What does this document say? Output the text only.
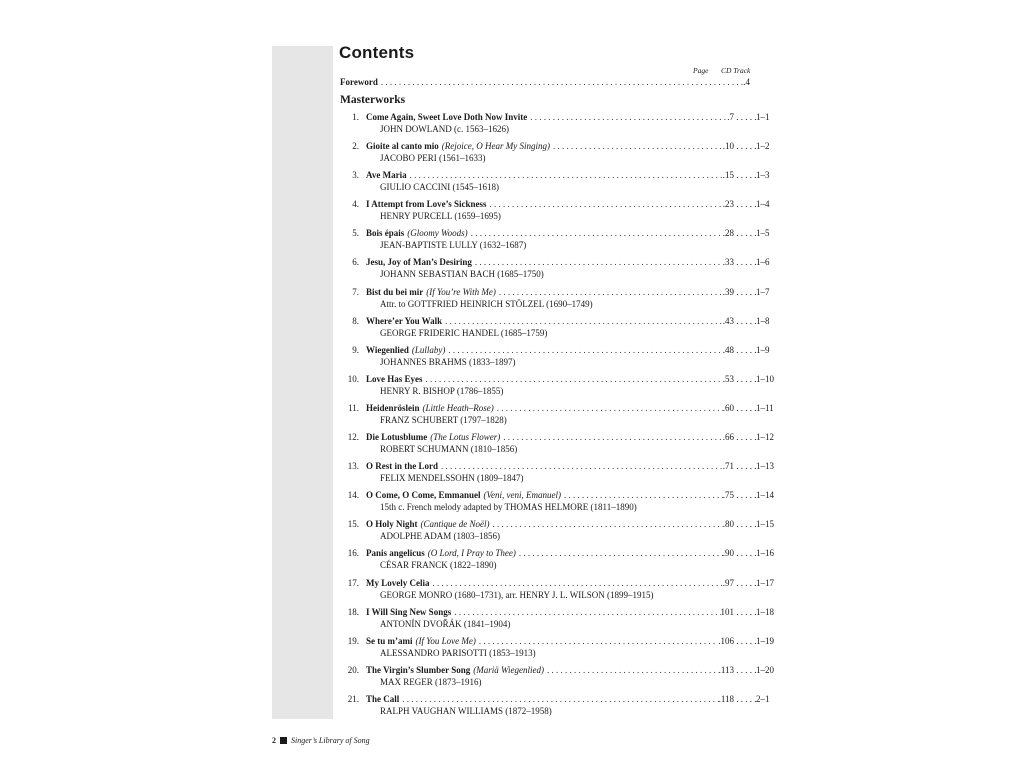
Contents
Page CD Track
Foreword . . .	.4
Masterworks
1. Come Again, Sweet Love Doth Now Invite . . .	.7 . . . . . 1–1
JOHN DOWLAND (c. 1563–1626)
2. Gioite al canto mio (Rejoice, O Hear My Singing) . . .	.10 . . . . . 1–2
JACOBO PERI (1561–1633)
3. Ave Maria . . .	.15 . . . . . 1–3
GIULIO CACCINI (1545–1618)
4. I Attempt from Love’s Sickness . . .	.23 . . . . . 1–4
HENRY PURCELL (1659–1695)
5. Bois épais (Gloomy Woods) . . .	.28 . . . . . 1–5
JEAN-BAPTISTE LULLY (1632–1687)
6. Jesu, Joy of Man’s Desiring . . .	.33 . . . . . 1–6
JOHANN SEBASTIAN BACH (1685–1750)
7. Bist du bei mir (If You’re With Me) . . .	.39 . . . . . 1–7
Attr. to GOTTFRIED HEINRICH STÖLZEL (1690–1749)
8. Where’er You Walk . . .	.43 . . . . . 1–8
GEORGE FRIDERIC HANDEL (1685–1759)
9. Wiegenlied (Lullaby) . . .	.48 . . . . . 1–9
JOHANNES BRAHMS (1833–1897)
10. Love Has Eyes . . .	.53 . . . . . 1–10
HENRY R. BISHOP (1786–1855)
11. Heidenröslein (Little Heath–Rose) . . .	.60 . . . . . 1–11
FRANZ SCHUBERT (1797–1828)
12. Die Lotusblume (The Lotus Flower) . . .	.66 . . . . . 1–12
ROBERT SCHUMANN (1810–1856)
13. O Rest in the Lord . . .	.71 . . . . . 1–13
FELIX MENDELSSOHN (1809–1847)
14. O Come, O Come, Emmanuel (Veni, veni, Emanuel) . . .	.75 . . . . . 1–14
15th c. French melody adapted by THOMAS HELMORE (1811–1890)
15. O Holy Night (Cantique de Noël) . . .	.80 . . . . . 1–15
ADOLPHE ADAM (1803–1856)
16. Panis angelicus (O Lord, I Pray to Thee) . . .	.90 . . . . . 1–16
CÉSAR FRANCK (1822–1890)
17. My Lovely Celia . . .	.97 . . . . . 1–17
GEORGE MONRO (1680–1731), arr. HENRY J. L. WILSON (1899–1915)
18. I Will Sing New Songs . . .	101 . . . . . 1–18
ANTONÍN DVOŘÁK (1841–1904)
19. Se tu m’ami (If You Love Me) . . .	.106 . . . . . 1–19
ALESSANDRO PARISOTTI (1853–1913)
20. The Virgin’s Slumber Song (Mariä Wiegenlied) . . .	.113 . . . . . 1–20
MAX REGER (1873–1916)
21. The Call . . .	.118 . . . . . 2–1
RALPH VAUGHAN WILLIAMS (1872–1958)
2 Singer’s Library of Song
